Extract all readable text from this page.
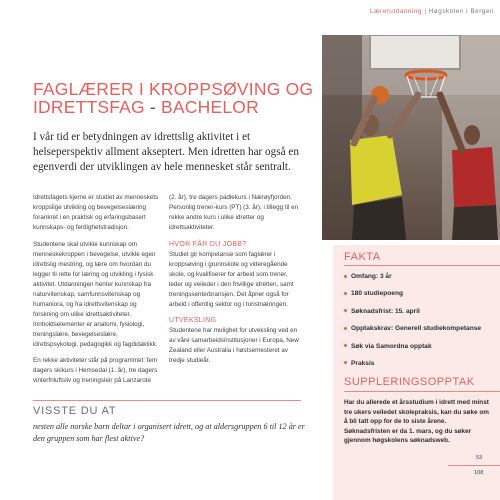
Lærerutdanning | Høgskolen i Bergen
FAGLÆRER I KROPPSØVING OG IDRETTSFAG - BACHELOR
I vår tid er betydningen av idrettslig aktivitet i et helseperspektiv allment akseptert. Men idretten har også en egenverdi der utviklingen av hele mennesket står sentralt.

Idrettsfagets kjerne er studiet av menneskets kroppslige utvikling og bevegelseslæring forankret i en praktisk og erfaringsbasert kunnskaps- og ferdighetstradisjon.

Studentene skal utvikle kunnskap om menneskekroppen i bevegelse, utvikle egen idrettslig mestring, og lære om hvordan du legger til rette for læring og utvikling i fysisk aktivitet. Utdanningen henter kunnskap fra naturvitenskap, samfunnsvitenskap og humaniora, og fra idrettsvitenskap og forskning om ulike idrettsaktiviteter. Innholdselementer er anatomi, fysiologi, treningslære, bevegelseslære, idrettspsykologi, pedagogikk og fagdidaktikk.

En rekke aktiviteter står på programmet: fem dagers skikurs i Hemsedal (1. år), tre dagers vinterfriluftsliv og treningsleir på Lanzarote

(2. år), tre dagers padlekurs i Nærøyfjorden, Personlig trener-kurs (PT) (3. år), i tillegg til en rekke andre kurs i ulike idretter og idrettsaktiviteter.

HVOR FÅR DU JOBB?

Studiet gir kompetanse som faglærer i kroppsøving i grunnskole og videregående skole, og kvalifiserer for arbeid som trener, leder og veileder i den frivillige idretten, samt treningssenterbransjen. Det åpner også for arbeid i offentlig sektor og i turistnæringen.

UTVEKSLING

Studentene har mulighet for utveksling ved en av våre samarbeidsinstitusjoner i Europa, New Zealand eller Australia i høstsemesteret av tredje studieår.

VISSTE DU AT
nesten alle norske barn deltar i organisert idrett, og at aldersgruppen 6 til 12 år er den gruppen som har flest aktive?
FAKTA
Omfang: 3 år
180 studiepoeng
Søknadsfrist: 15. april
Opptakskrav: Generell studiekompetanse
Søk via Samordna opptak
Praksis
SUPPLERINGSOPPTAK
Har du allerede et årsstudium i idrett med minst tre ukers veiledet skolepraksis, kan du søke om å bli tatt opp for de to siste årene. Søknadsfristen er da 1. mars, og du søker gjennom høgskolens søknadsweb.
53
108
